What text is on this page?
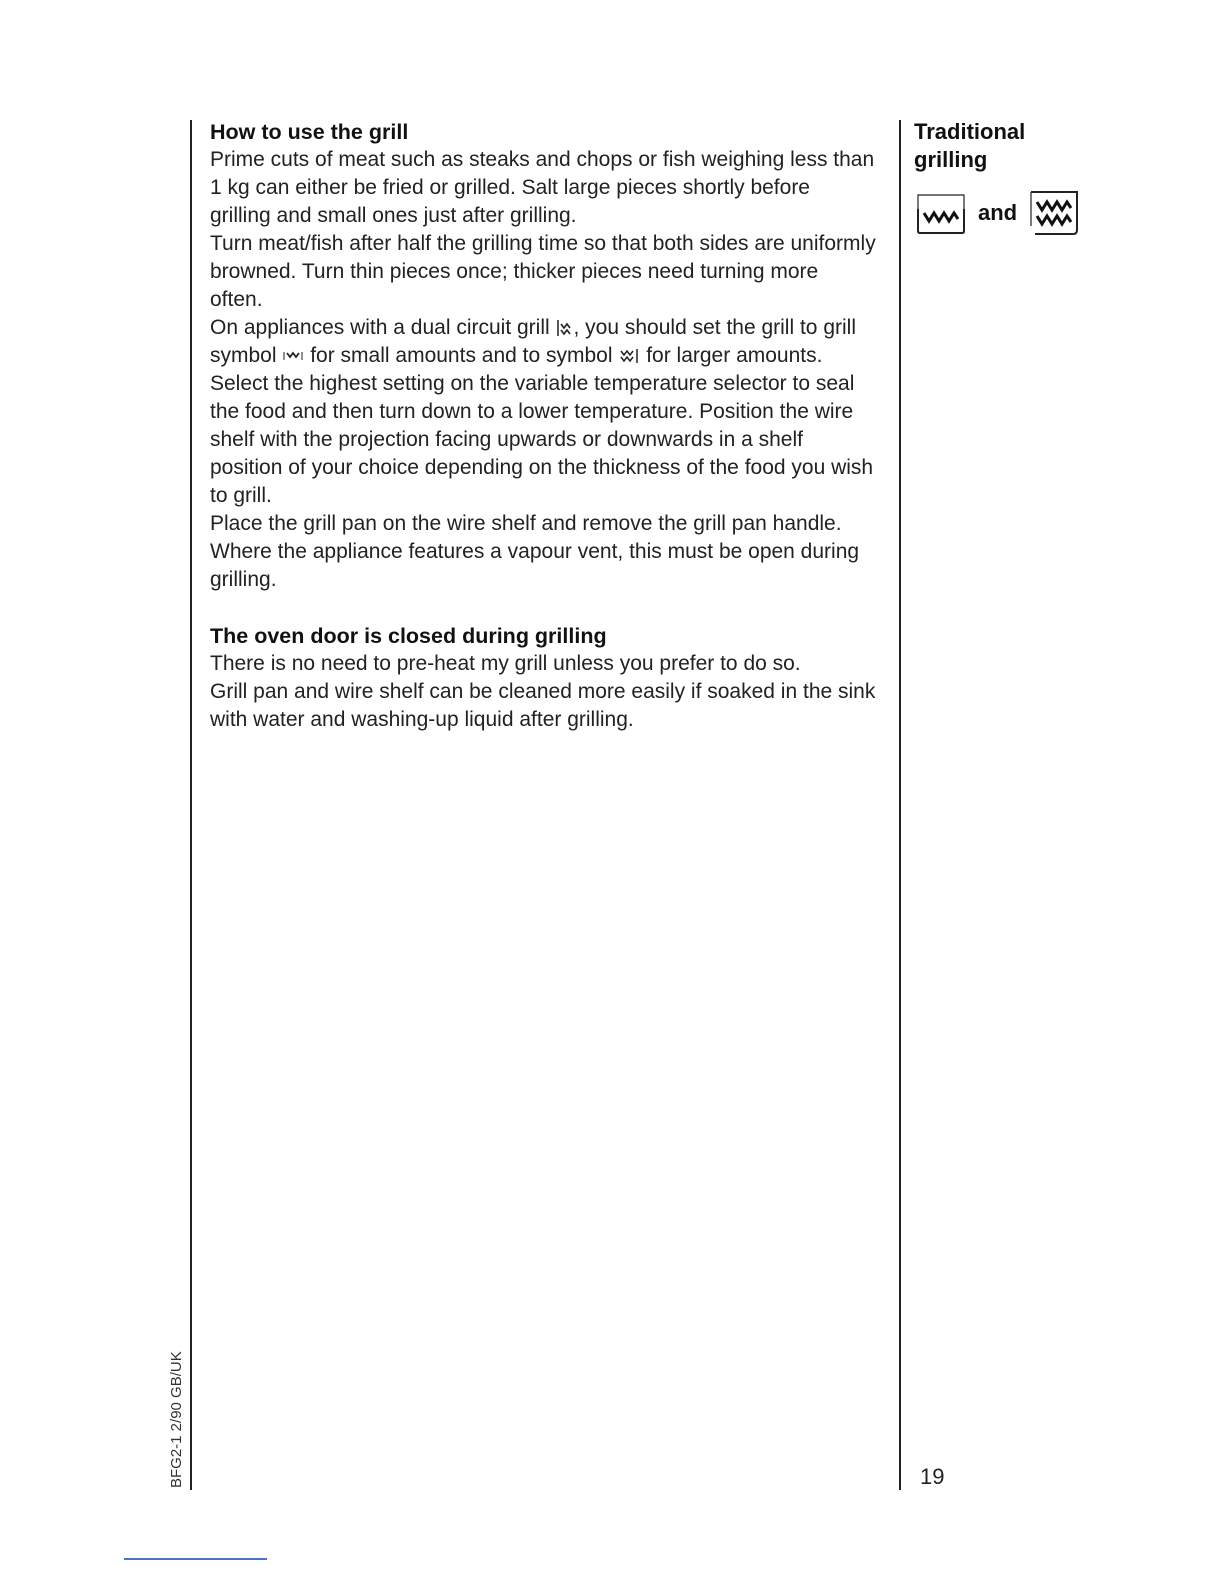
How to use the grill

Prime cuts of meat such as steaks and chops or fish weighing less than 1 kg can either be fried or grilled. Salt large pieces shortly before grilling and small ones just after grilling.

Turn meat/fish after half the grilling time so that both sides are uniformly browned. Turn thin pieces once; thicker pieces need turning more often.

On appliances with a dual circuit grill , you should set the grill to grill symbol for small amounts and to symbol for larger amounts.

Select the highest setting on the variable temperature selector to seal the food and then turn down to a lower temperature. Position the wire shelf with the projection facing upwards or downwards in a shelf position of your choice depending on the thickness of the food you wish to grill.

Place the grill pan on the wire shelf and remove the grill pan handle.

Where the appliance features a vapour vent, this must be open during grilling.

The oven door is closed during grilling

There is no need to pre-heat my grill unless you prefer to do so.

Grill pan and wire shelf can be cleaned more easily if soaked in the sink with water and washing-up liquid after grilling.

Traditional
grilling
and
BFG2-1 2/90 GB/UK	19
